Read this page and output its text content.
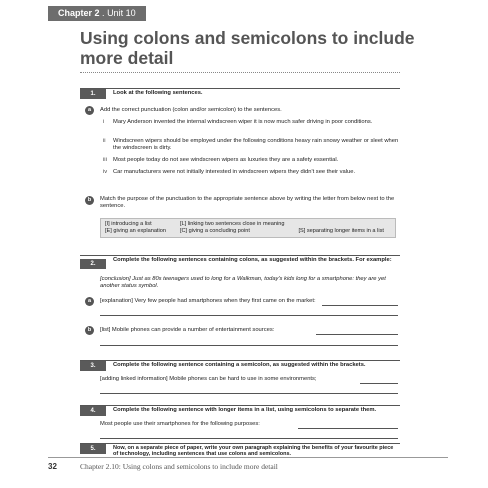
Chapter 2 . Unit 10
Using colons and semicolons to include more detail
1.	Look at the following sentences.
a	Add the correct punctuation (colon and/or semicolon) to the sentences.
i Mary Anderson invented the internal windscreen wiper it is now much safer driving in poor conditions.
ii Windscreen wipers should be employed under the following conditions heavy rain snowy weather or sleet when the windscreen is dirty.
iii Most people today do not see windscreen wipers as luxuries they are a safety essential.
iv Car manufacturers were not initially interested in windscreen wipers they didn't see their value.
b	Match the purpose of the punctuation to the appropriate sentence above by writing the letter from below next to the sentence.
[I] introducing a list	[L] linking two sentences close in meaning	
[E] giving an explanation	[C] giving a concluding point	[S] separating longer items in a list
2.
Complete the following sentences containing colons, as suggested within the brackets. For example:
[conclusion] Just as 80s teenagers used to long for a Walkman, today's kids long for a smartphone: they are yet another status symbol.
a	[explanation] Very few people had smartphones when they first came on the market:
b	[list] Mobile phones can provide a number of entertainment sources:
3.	Complete the following sentence containing a semicolon, as suggested within the brackets.
[adding linked information] Mobile phones can be hard to use in some environments;
4.	Complete the following sentence with longer items in a list, using semicolons to separate them.
Most people use their smartphones for the following purposes:
5.	Now, on a separate piece of paper, write your own paragraph explaining the benefits of your favourite piece of technology, including sentences that use colons and semicolons.
32	Chapter 2.10: Using colons and semicolons to include more detail
